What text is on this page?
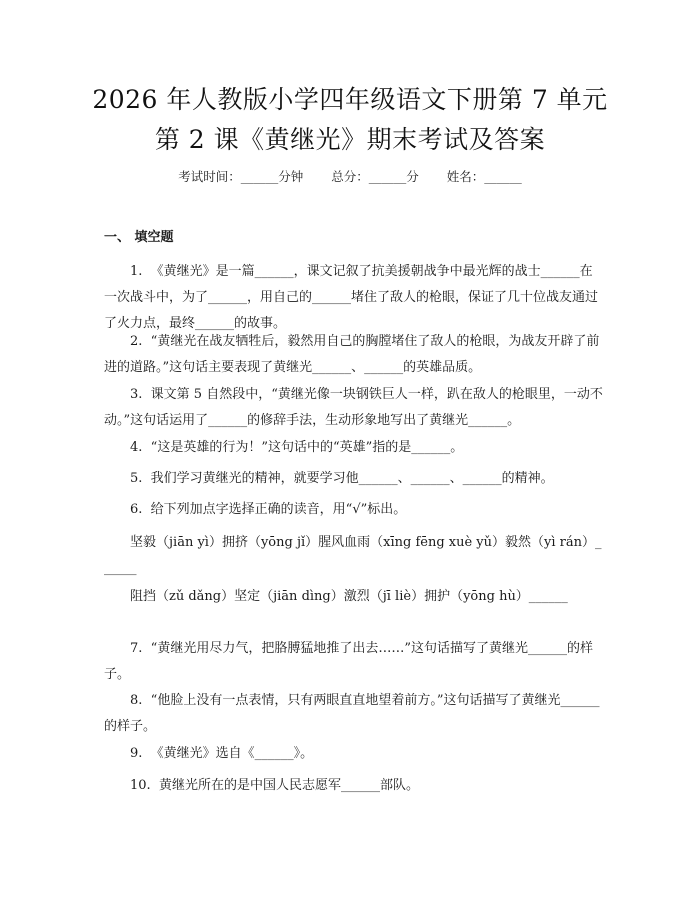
2026 年人教版小学四年级语文下册第 7 单元
第 2 课《黄继光》期末考试及答案
考试时间：______分钟 总分：______分 姓名：______
一、 填空题
1. 《黄继光》是一篇______，课文记叙了抗美援朝战争中最光辉的战士______在一次战斗中，为了______，用自己的______堵住了敌人的枪眼，保证了几十位战友通过了火力点，最终______的故事。
2. “黄继光在战友牺牲后，毅然用自己的胸膛堵住了敌人的枪眼，为战友开辟了前进的道路。”这句话主要表现了黄继光______、______的英雄品质。
3. 课文第 5 自然段中，“黄继光像一块钢铁巨人一样，趴在敌人的枪眼里，一动不动。”这句话运用了______的修辞手法，生动形象地写出了黄继光______。
4. “这是英雄的行为！”这句话中的“英雄”指的是______。
5. 我们学习黄继光的精神，就要学习他______、______、______的精神。
6. 给下列加点字选择正确的读音，用“√”标出。
坚毅（jiān yì）拥挤（yōng jǐ）腥风血雨（xīng fēng xuè yǔ）毅然（yì rán）______
阻挡（zǔ dǎng）坚定（jiān dìng）激烈（jī liè）拥护（yōng hù）______
7. “黄继光用尽力气，把胳膊猛地推了出去……”这句话描写了黄继光______的样子。
8. “他脸上没有一点表情，只有两眼直直地望着前方。”这句话描写了黄继光______的样子。
9. 《黄继光》选自《______》。
10. 黄继光所在的是中国人民志愿军______部队。
